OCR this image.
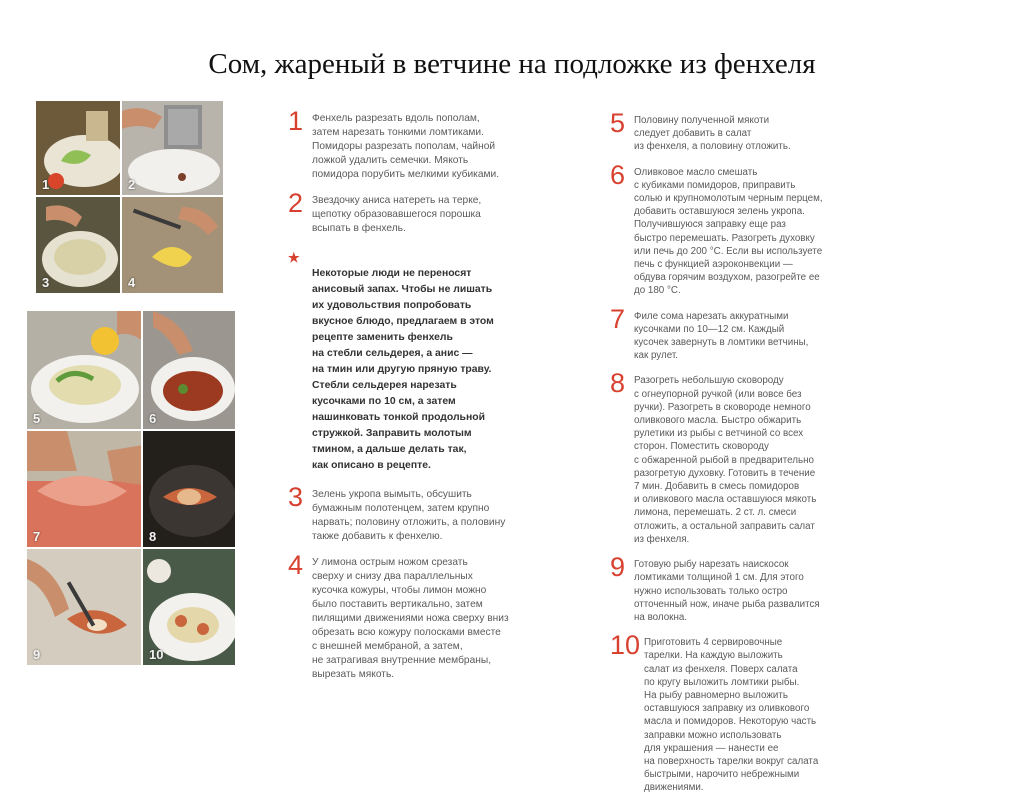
Сом, жареный в ветчине на подложке из фенхеля
1	2
3	4
5	6
7	8
9	10
1 Фенхель разрезать вдоль пополам,
затем нарезать тонкими ломтиками.
Помидоры разрезать пополам, чайной
ложкой удалить семечки. Мякоть
помидора порубить мелкими кубиками.
2 Звездочку аниса натереть на терке,
щепотку образовавшегося порошка
всыпать в фенхель.

★
Некоторые люди не переносят
анисовый запах. Чтобы не лишать
их удовольствия попробовать
вкусное блюдо, предлагаем в этом
рецепте заменить фенхель
на стебли сельдерея, а анис —
на тмин или другую пряную траву.
Стебли сельдерея нарезать
кусочками по 10 см, а затем
нашинковать тонкой продольной
стружкой. Заправить молотым
тмином, а дальше делать так,
как описано в рецепте.

3 Зелень укропа вымыть, обсушить
бумажным полотенцем, затем крупно
нарвать; половину отложить, а половину
также добавить к фенхелю.
4 У лимона острым ножом срезать
сверху и снизу два параллельных
кусочка кожуры, чтобы лимон можно
было поставить вертикально, затем
пилящими движениями ножа сверху вниз
обрезать всю кожуру полосками вместе
с внешней мембраной, а затем,
не затрагивая внутренние мембраны,
вырезать мякоть.
5 Половину полученной мякоти
следует добавить в салат
из фенхеля, а половину отложить.
6 Оливковое масло смешать
с кубиками помидоров, приправить
солью и крупномолотым черным перцем,
добавить оставшуюся зелень укропа.
Получившуюся заправку еще раз
быстро перемешать. Разогреть духовку
или печь до 200 °С. Если вы используете
печь с функцией аэроконвекции —
обдува горячим воздухом, разогрейте ее
до 180 °С.
7 Филе сома нарезать аккуратными
кусочками по 10—12 см. Каждый
кусочек завернуть в ломтики ветчины,
как рулет.
8 Разогреть небольшую сковороду
с огнеупорной ручкой (или вовсе без
ручки). Разогреть в сковороде немного
оливкового масла. Быстро обжарить
рулетики из рыбы с ветчиной со всех
сторон. Поместить сковороду
с обжаренной рыбой в предварительно
разогретую духовку. Готовить в течение
7 мин. Добавить в смесь помидоров
и оливкового масла оставшуюся мякоть
лимона, перемешать. 2 ст. л. смеси
отложить, а остальной заправить салат
из фенхеля.
9 Готовую рыбу нарезать наискосок
ломтиками толщиной 1 см. Для этого
нужно использовать только остро
отточенный нож, иначе рыба развалится
на волокна.
10 Приготовить 4 сервировочные
тарелки. На каждую выложить
салат из фенхеля. Поверх салата
по кругу выложить ломтики рыбы.
На рыбу равномерно выложить
оставшуюся заправку из оливкового
масла и помидоров. Некоторую часть
заправки можно использовать
для украшения — нанести ее
на поверхность тарелки вокруг салата
быстрыми, нарочито небрежными
движениями.
